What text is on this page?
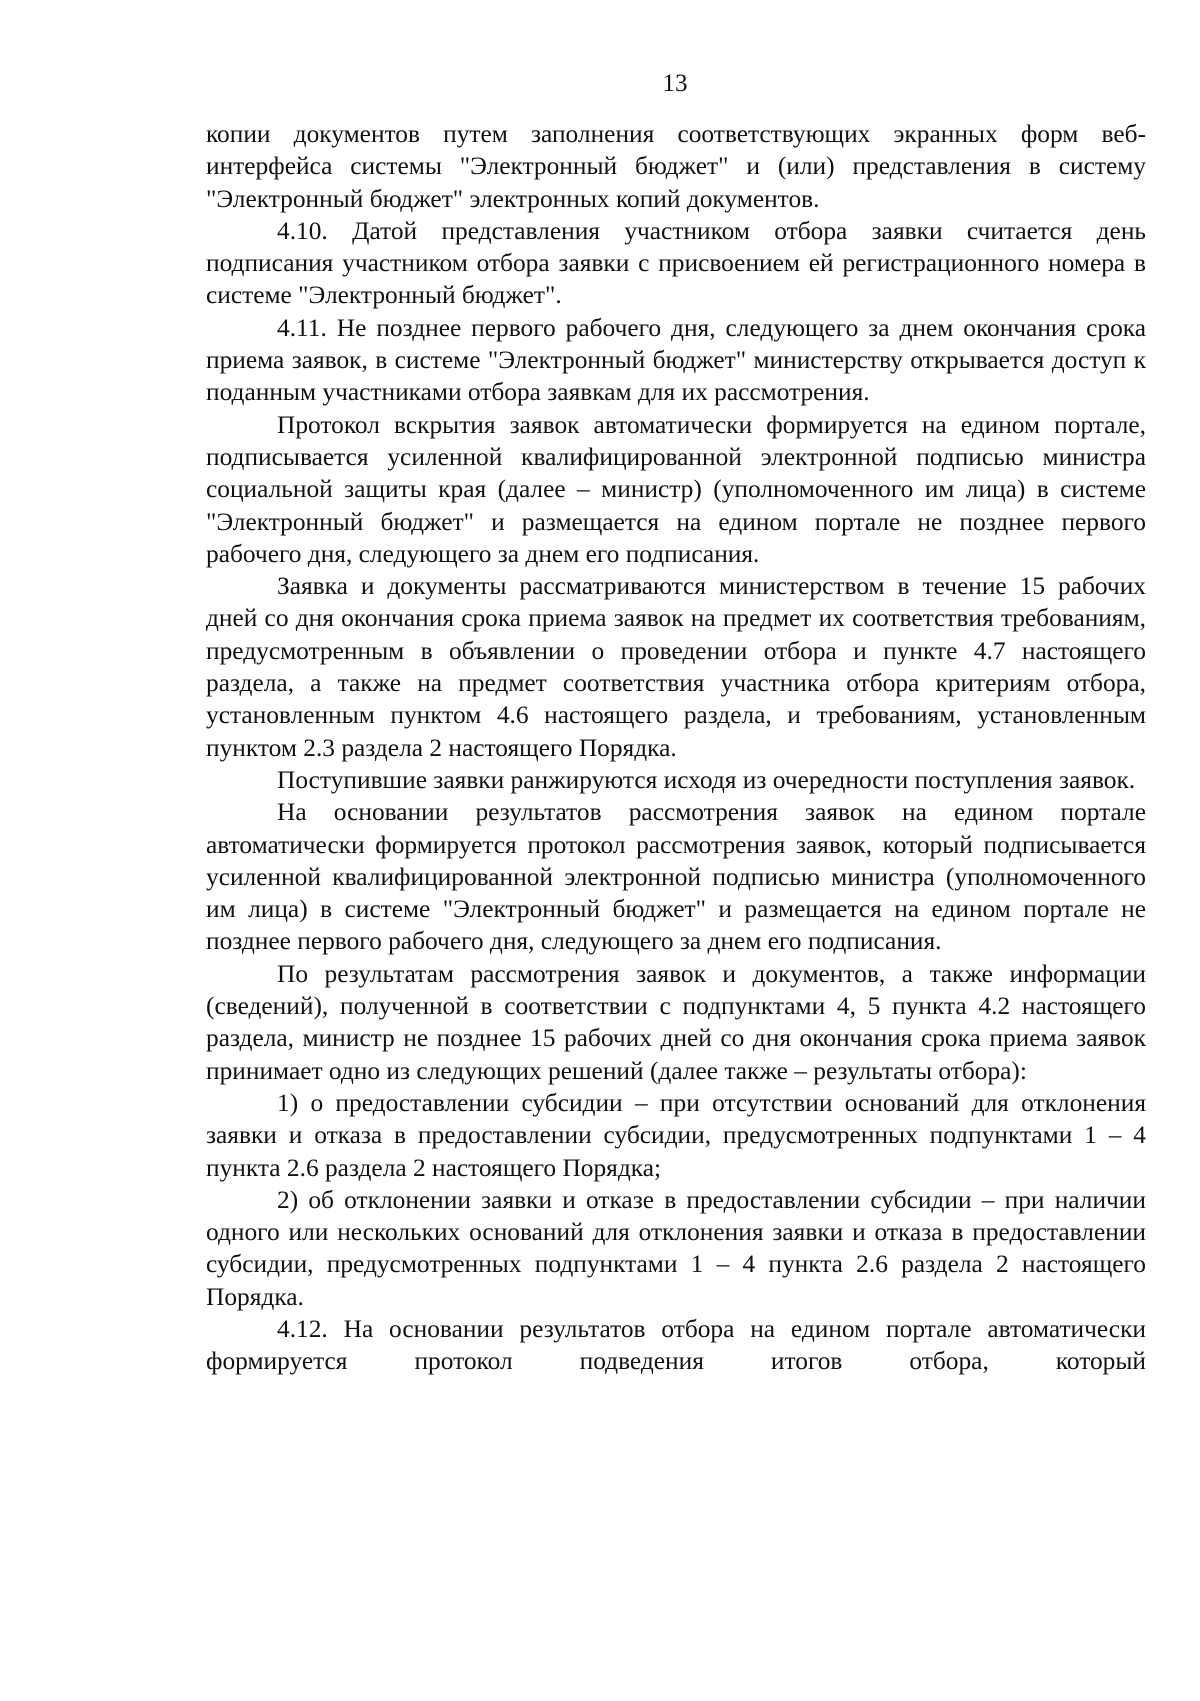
13

копии документов путем заполнения соответствующих экранных форм веб-интерфейса системы "Электронный бюджет" и (или) представления в систему "Электронный бюджет" электронных копий документов.

4.10. Датой представления участником отбора заявки считается день подписания участником отбора заявки с присвоением ей регистрационного номера в системе "Электронный бюджет".

4.11. Не позднее первого рабочего дня, следующего за днем окончания срока приема заявок, в системе "Электронный бюджет" министерству открывается доступ к поданным участниками отбора заявкам для их рассмотрения.

Протокол вскрытия заявок автоматически формируется на едином портале, подписывается усиленной квалифицированной электронной подписью министра социальной защиты края (далее – министр) (уполномоченного им лица) в системе "Электронный бюджет" и размещается на едином портале не позднее первого рабочего дня, следующего за днем его подписания.

Заявка и документы рассматриваются министерством в течение 15 рабочих дней со дня окончания срока приема заявок на предмет их соответствия требованиям, предусмотренным в объявлении о проведении отбора и пункте 4.7 настоящего раздела, а также на предмет соответствия участника отбора критериям отбора, установленным пунктом 4.6 настоящего раздела, и требованиям, установленным пунктом 2.3 раздела 2 настоящего Порядка.

Поступившие заявки ранжируются исходя из очередности поступления заявок.

На основании результатов рассмотрения заявок на едином портале автоматически формируется протокол рассмотрения заявок, который подписывается усиленной квалифицированной электронной подписью министра (уполномоченного им лица) в системе "Электронный бюджет" и размещается на едином портале не позднее первого рабочего дня, следующего за днем его подписания.

По результатам рассмотрения заявок и документов, а также информации (сведений), полученной в соответствии с подпунктами 4, 5 пункта 4.2 настоящего раздела, министр не позднее 15 рабочих дней со дня окончания срока приема заявок принимает одно из следующих решений (далее также – результаты отбора):

1) о предоставлении субсидии – при отсутствии оснований для отклонения заявки и отказа в предоставлении субсидии, предусмотренных подпунктами 1 – 4 пункта 2.6 раздела 2 настоящего Порядка;

2) об отклонении заявки и отказе в предоставлении субсидии – при наличии одного или нескольких оснований для отклонения заявки и отказа в предоставлении субсидии, предусмотренных подпунктами 1 – 4 пункта 2.6 раздела 2 настоящего Порядка.

4.12. На основании результатов отбора на едином портале автоматически формируется протокол подведения итогов отбора, который
